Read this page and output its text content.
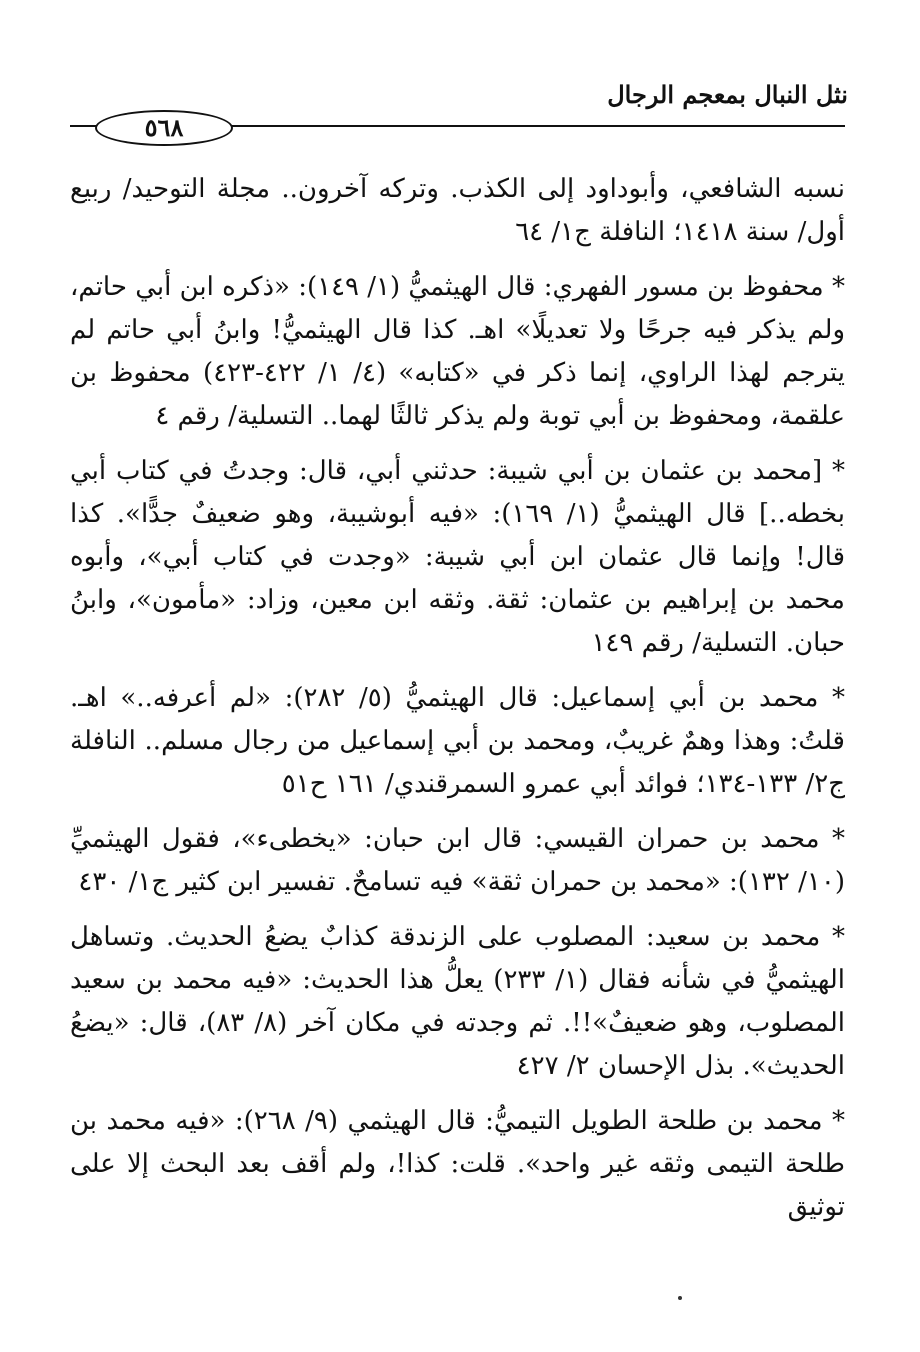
نثل النبال بمعجم الرجال
٥٦٨

نسبه الشافعي، وأبوداود إلى الكذب. وتركه آخرون.. مجلة التوحيد/ ربيع أول/ سنة ١٤١٨؛ النافلة ج١/ ٦٤

* محفوظ بن مسور الفهري: قال الهيثميُّ (١/ ١٤٩): «ذكره ابن أبي حاتم، ولم يذكر فيه جرحًا ولا تعديلًا» اهـ. كذا قال الهيثميُّ! وابنُ أبي حاتم لم يترجم لهذا الراوي، إنما ذكر في «كتابه» (٤/ ١/ ٤٢٢-٤٢٣) محفوظ بن علقمة، ومحفوظ بن أبي توبة ولم يذكر ثالثًا لهما.. التسلية/ رقم ٤

* [محمد بن عثمان بن أبي شيبة: حدثني أبي، قال: وجدتُ في كتاب أبي بخطه..] قال الهيثميُّ (١/ ١٦٩): «فيه أبوشيبة، وهو ضعيفٌ جدًّا». كذا قال! وإنما قال عثمان ابن أبي شيبة: «وجدت في كتاب أبي»، وأبوه محمد بن إبراهيم بن عثمان: ثقة. وثقه ابن معين، وزاد: «مأمون»، وابنُ حبان. التسلية/ رقم ١٤٩

* محمد بن أبي إسماعيل: قال الهيثميُّ (٥/ ٢٨٢): «لم أعرفه..» اهـ. قلتُ: وهذا وهمٌ غريبٌ، ومحمد بن أبي إسماعيل من رجال مسلم.. النافلة ج٢/ ١٣٣-١٣٤؛ فوائد أبي عمرو السمرقندي/ ١٦١ ح٥١

* محمد بن حمران القيسي: قال ابن حبان: «يخطىء»، فقول الهيثميِّ (١٠/ ١٣٢): «محمد بن حمران ثقة» فيه تسامحٌ. تفسير ابن كثير ج١/ ٤٣٠

* محمد بن سعيد: المصلوب على الزندقة كذابٌ يضعُ الحديث. وتساهل الهيثميُّ في شأنه فقال (١/ ٢٣٣) يعلُّ هذا الحديث: «فيه محمد بن سعيد المصلوب، وهو ضعيفٌ»!!. ثم وجدته في مكان آخر (٨/ ٨٣)، قال: «يضعُ الحديث». بذل الإحسان ٢/ ٤٢٧

* محمد بن طلحة الطويل التيميُّ: قال الهيثمي (٩/ ٢٦٨): «فيه محمد بن طلحة التيمى وثقه غير واحد». قلت: كذا!، ولم أقف بعد البحث إلا على توثيق
